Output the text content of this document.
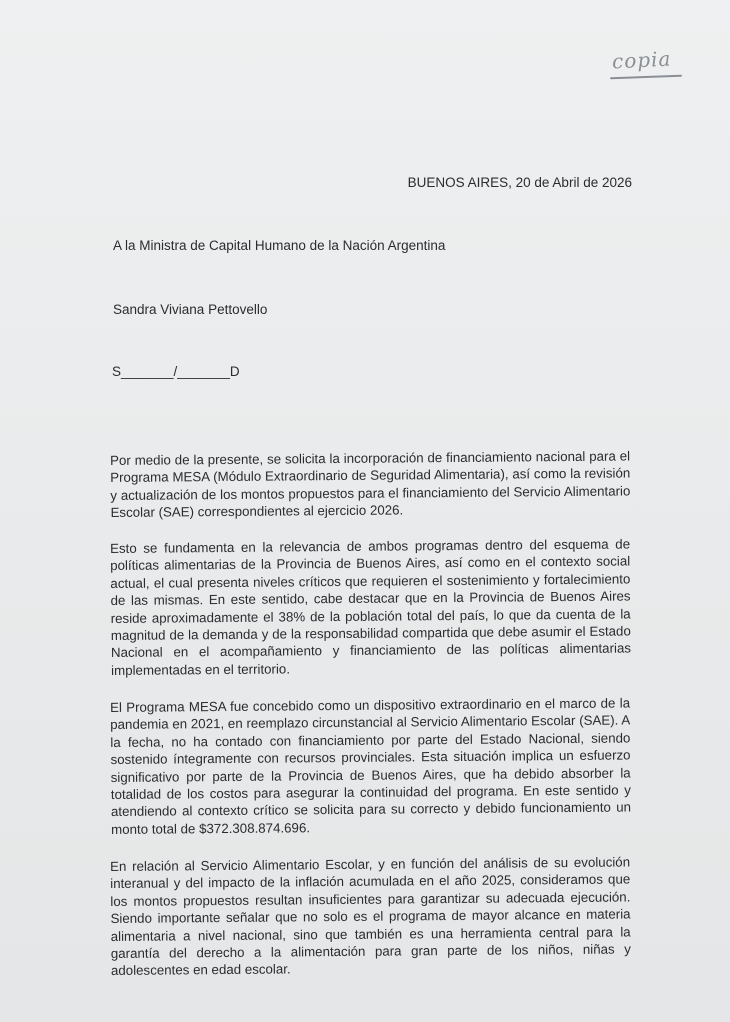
copia
BUENOS AIRES, 20 de Abril de 2026
A la Ministra de Capital Humano de la Nación Argentina
Sandra Viviana Pettovello
S_______/_______D

Por medio de la presente, se solicita la incorporación de financiamiento nacional para el Programa MESA (Módulo Extraordinario de Seguridad Alimentaria), así como la revisión y actualización de los montos propuestos para el financiamiento del Servicio Alimentario Escolar (SAE) correspondientes al ejercicio 2026.

Esto se fundamenta en la relevancia de ambos programas dentro del esquema de políticas alimentarias de la Provincia de Buenos Aires, así como en el contexto social actual, el cual presenta niveles críticos que requieren el sostenimiento y fortalecimiento de las mismas. En este sentido, cabe destacar que en la Provincia de Buenos Aires reside aproximadamente el 38% de la población total del país, lo que da cuenta de la magnitud de la demanda y de la responsabilidad compartida que debe asumir el Estado Nacional en el acompañamiento y financiamiento de las políticas alimentarias implementadas en el territorio.

El Programa MESA fue concebido como un dispositivo extraordinario en el marco de la pandemia en 2021, en reemplazo circunstancial al Servicio Alimentario Escolar (SAE). A la fecha, no ha contado con financiamiento por parte del Estado Nacional, siendo sostenido íntegramente con recursos provinciales. Esta situación implica un esfuerzo significativo por parte de la Provincia de Buenos Aires, que ha debido absorber la totalidad de los costos para asegurar la continuidad del programa. En este sentido y atendiendo al contexto crítico se solicita para su correcto y debido funcionamiento un monto total de $372.308.874.696.

En relación al Servicio Alimentario Escolar, y en función del análisis de su evolución interanual y del impacto de la inflación acumulada en el año 2025, consideramos que los montos propuestos resultan insuficientes para garantizar su adecuada ejecución. Siendo importante señalar que no solo es el programa de mayor alcance en materia alimentaria a nivel nacional, sino que también es una herramienta central para la garantía del derecho a la alimentación para gran parte de los niños, niñas y adolescentes en edad escolar.
